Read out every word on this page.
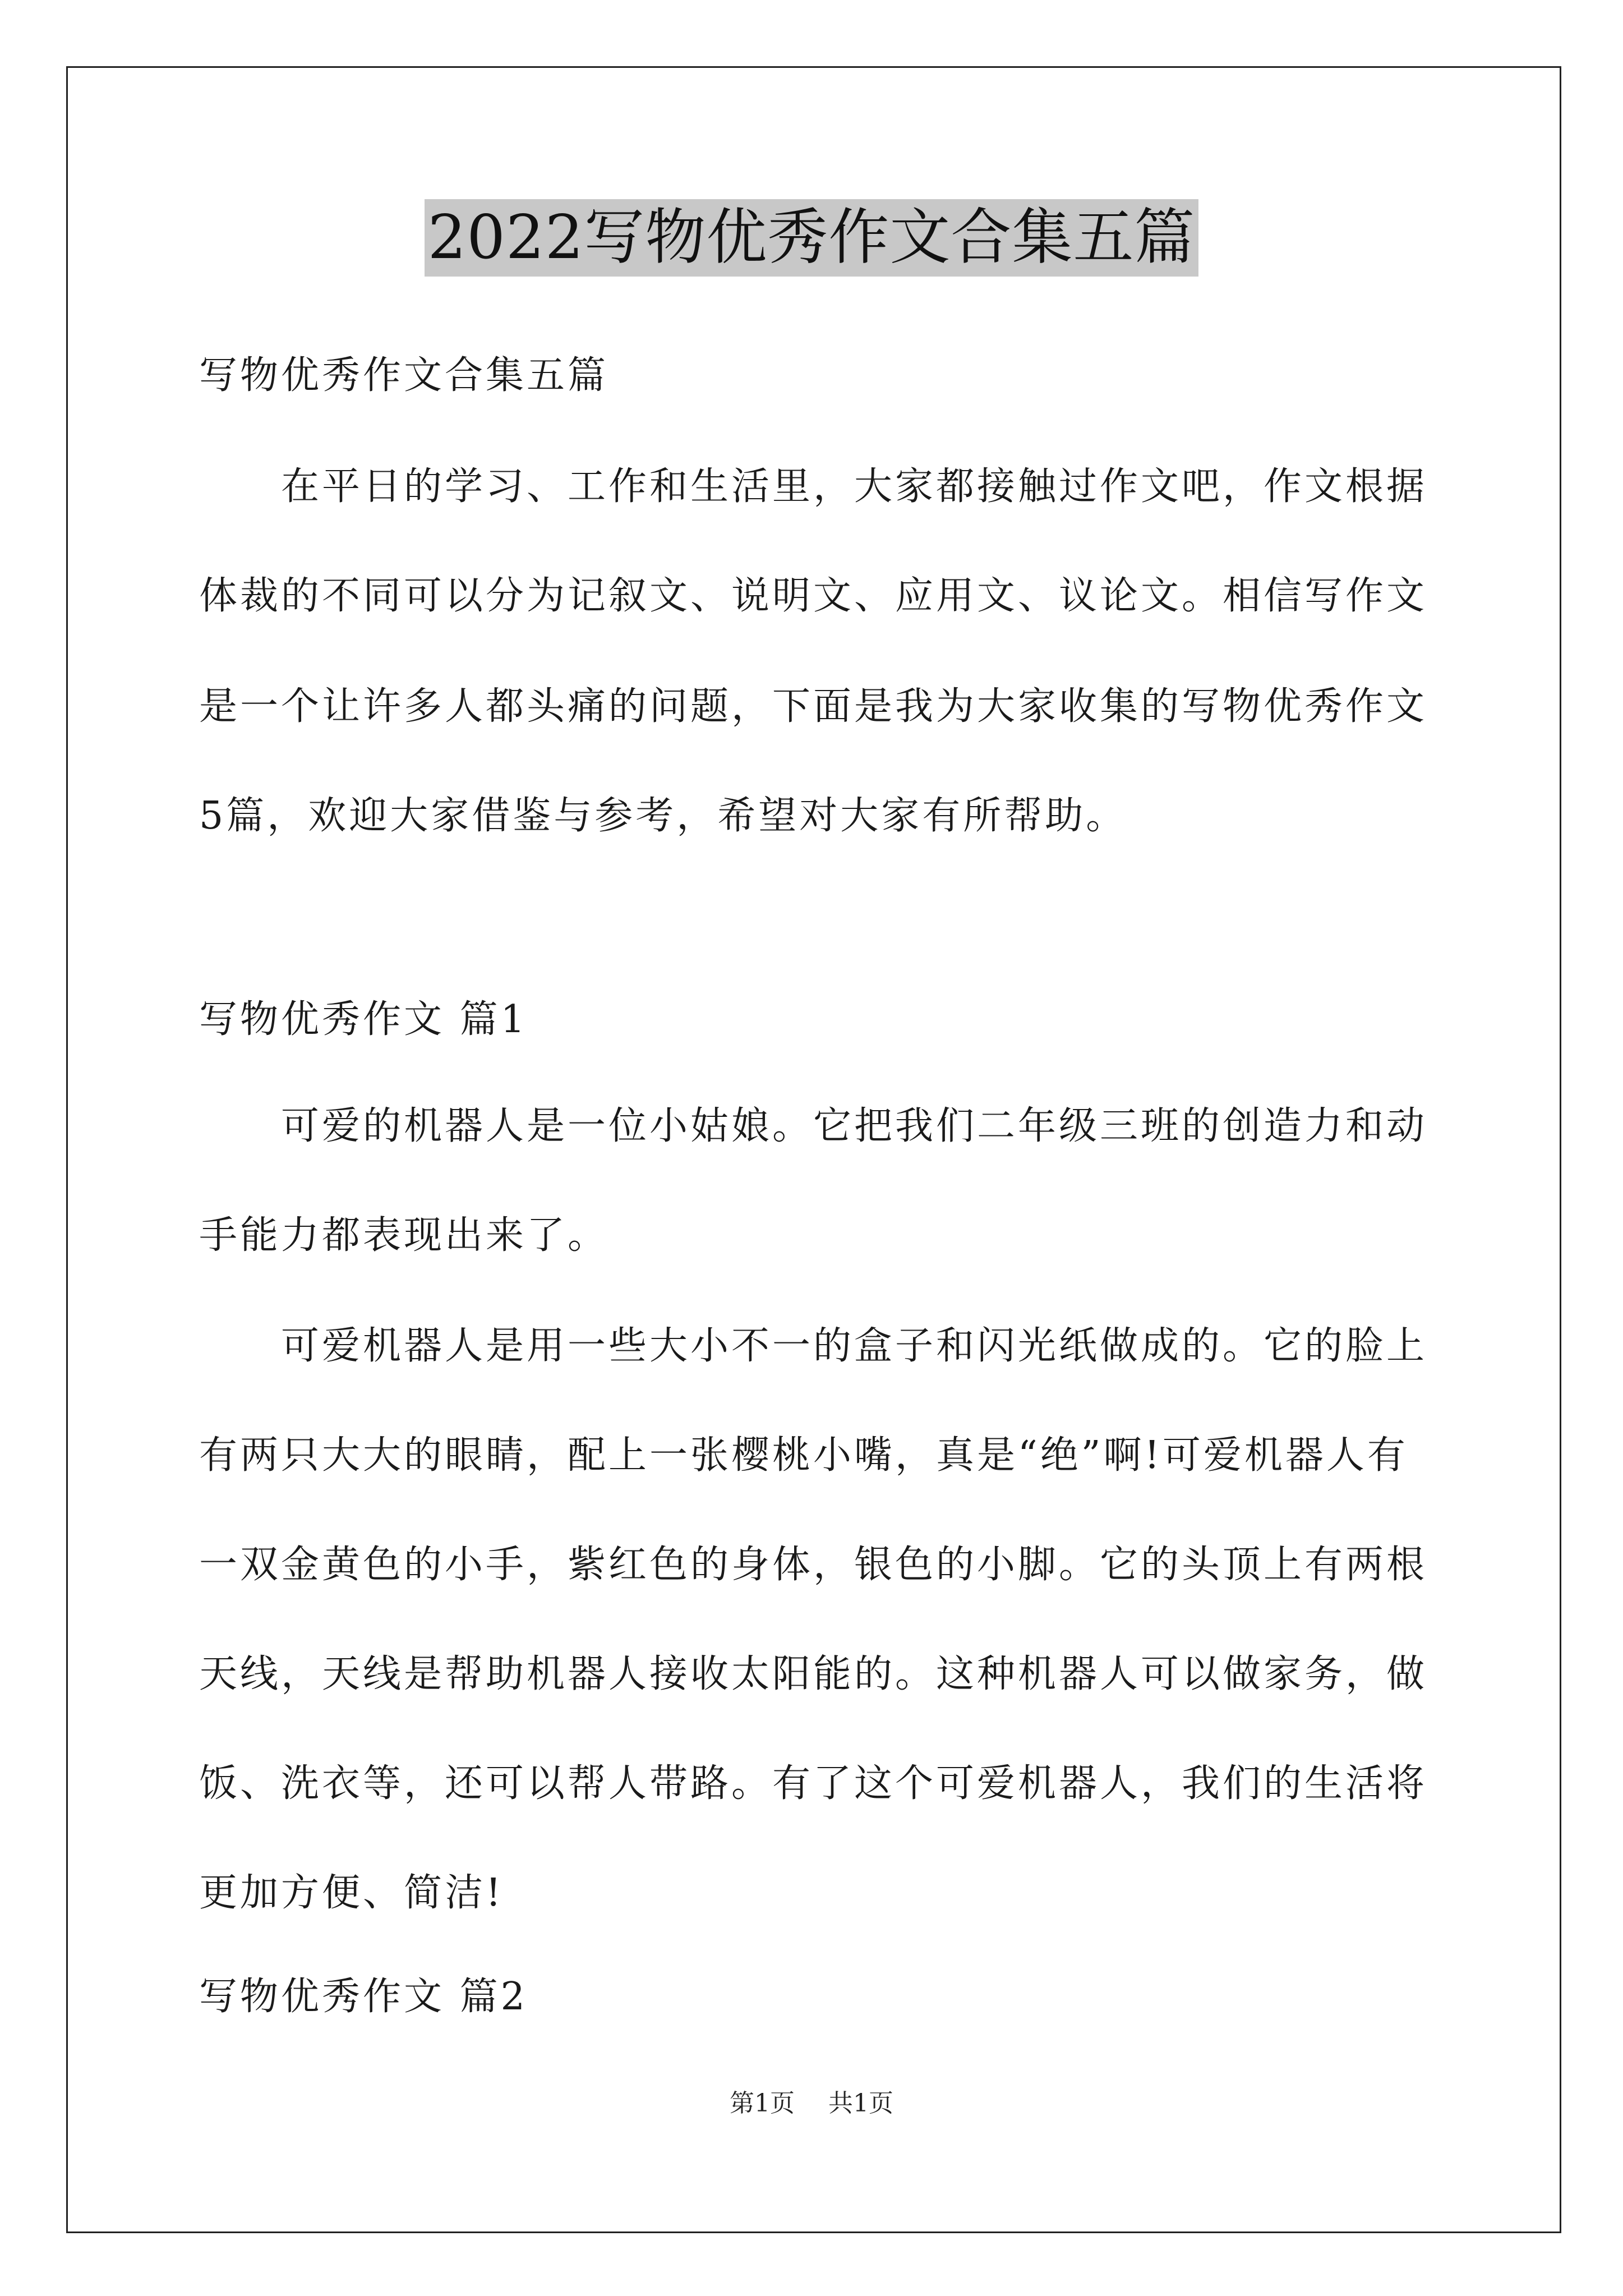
2022写物优秀作文合集五篇
写物优秀作文合集五篇
　　在平日的学习、工作和生活里，大家都接触过作文吧，作文根据
体裁的不同可以分为记叙文、说明文、应用文、议论文。相信写作文
是一个让许多人都头痛的问题，下面是我为大家收集的写物优秀作文
5篇，欢迎大家借鉴与参考，希望对大家有所帮助。
写物优秀作文 篇1
　　可爱的机器人是一位小姑娘。它把我们二年级三班的创造力和动
手能力都表现出来了。
　　可爱机器人是用一些大小不一的盒子和闪光纸做成的。它的脸上
有两只大大的眼睛，配上一张樱桃小嘴，真是“绝”啊!可爱机器人有
一双金黄色的小手，紫红色的身体，银色的小脚。它的头顶上有两根
天线，天线是帮助机器人接收太阳能的。这种机器人可以做家务，做
饭、洗衣等，还可以帮人带路。有了这个可爱机器人，我们的生活将
更加方便、简洁!
写物优秀作文 篇2
第1页 共1页
